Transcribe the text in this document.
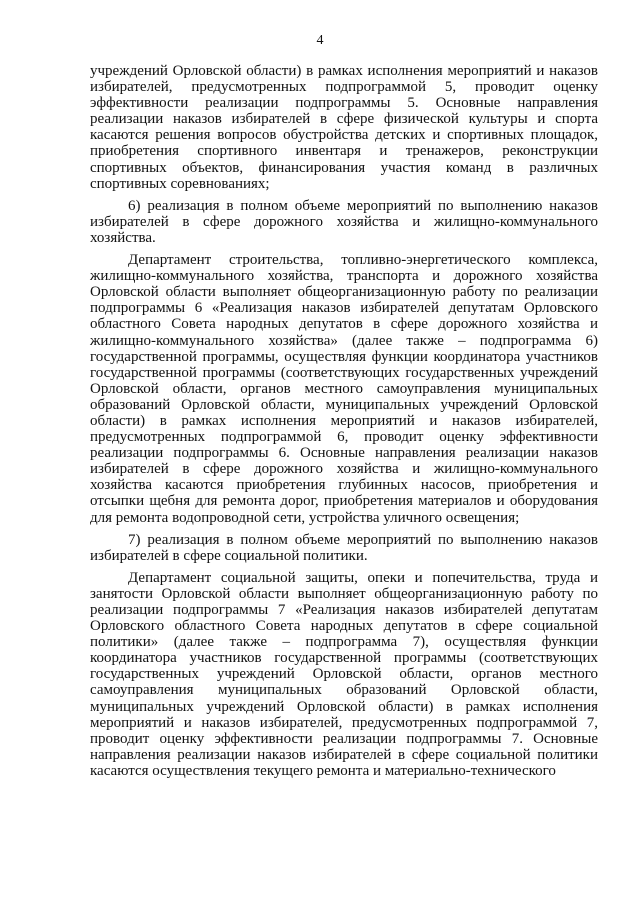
4

учреждений Орловской области) в рамках исполнения мероприятий и наказов избирателей, предусмотренных подпрограммой 5, проводит оценку эффективности реализации подпрограммы 5. Основные направления реализации наказов избирателей в сфере физической культуры и спорта касаются решения вопросов обустройства детских и спортивных площадок, приобретения спортивного инвентаря и тренажеров, реконструкции спортивных объектов, финансирования участия команд в различных спортивных соревнованиях;

6) реализация в полном объеме мероприятий по выполнению наказов избирателей в сфере дорожного хозяйства и жилищно-коммунального хозяйства.

Департамент строительства, топливно-энергетического комплекса, жилищно-коммунального хозяйства, транспорта и дорожного хозяйства Орловской области выполняет общеорганизационную работу по реализации подпрограммы 6 «Реализация наказов избирателей депутатам Орловского областного Совета народных депутатов в сфере дорожного хозяйства и жилищно-коммунального хозяйства» (далее также – подпрограмма 6) государственной программы, осуществляя функции координатора участников государственной программы (соответствующих государственных учреждений Орловской области, органов местного самоуправления муниципальных образований Орловской области, муниципальных учреждений Орловской области) в рамках исполнения мероприятий и наказов избирателей, предусмотренных подпрограммой 6, проводит оценку эффективности реализации подпрограммы 6. Основные направления реализации наказов избирателей в сфере дорожного хозяйства и жилищно-коммунального хозяйства касаются приобретения глубинных насосов, приобретения и отсыпки щебня для ремонта дорог, приобретения материалов и оборудования для ремонта водопроводной сети, устройства уличного освещения;

7) реализация в полном объеме мероприятий по выполнению наказов избирателей в сфере социальной политики.

Департамент социальной защиты, опеки и попечительства, труда и занятости Орловской области выполняет общеорганизационную работу по реализации подпрограммы 7 «Реализация наказов избирателей депутатам Орловского областного Совета народных депутатов в сфере социальной политики» (далее также – подпрограмма 7), осуществляя функции координатора участников государственной программы (соответствующих государственных учреждений Орловской области, органов местного самоуправления муниципальных образований Орловской области, муниципальных учреждений Орловской области) в рамках исполнения мероприятий и наказов избирателей, предусмотренных подпрограммой 7, проводит оценку эффективности реализации подпрограммы 7. Основные направления реализации наказов избирателей в сфере социальной политики касаются осуществления текущего ремонта и материально-технического
